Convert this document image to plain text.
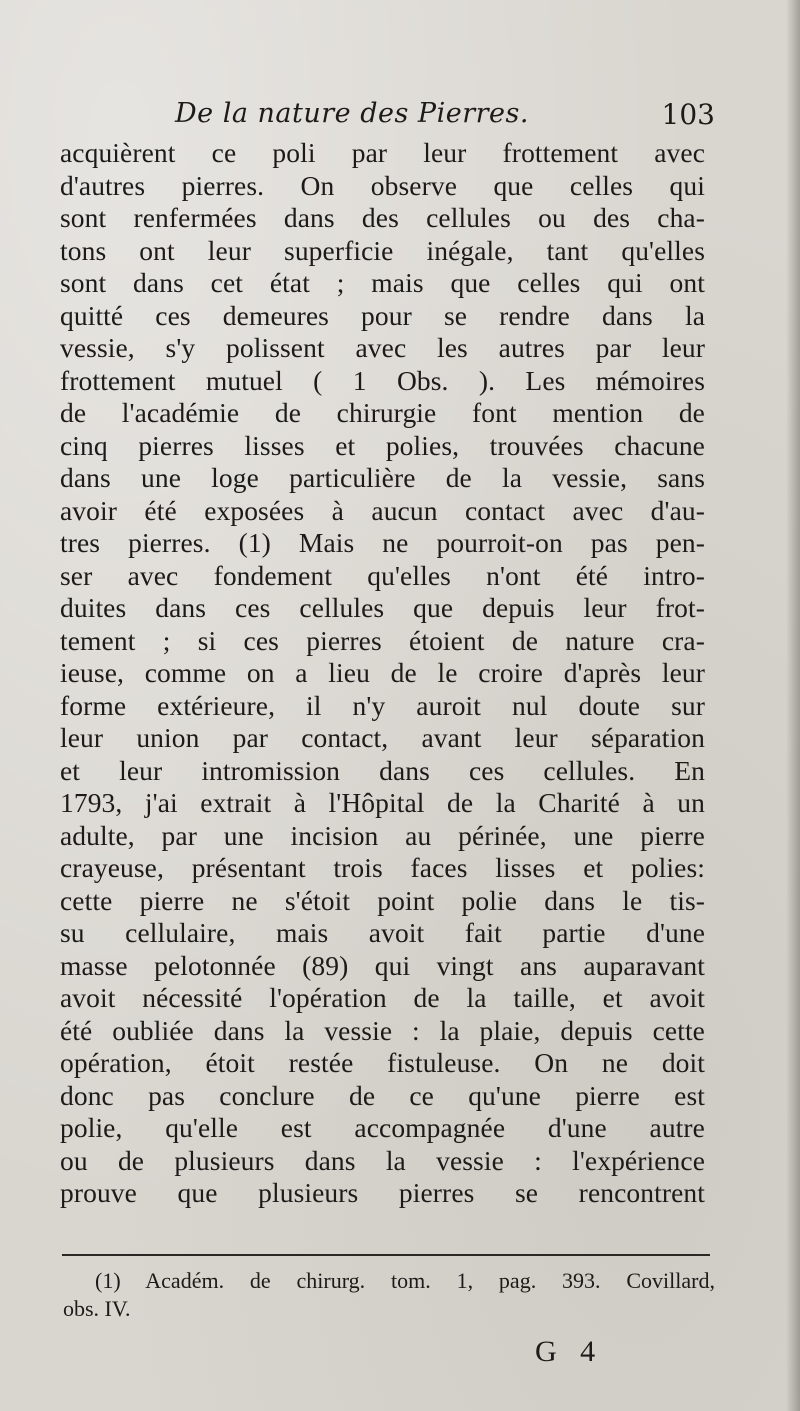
De la nature des Pierres.	103
acquièrent ce poli par leur frottement avec
d'autres pierres. On observe que celles qui
sont renfermées dans des cellules ou des cha-
tons ont leur superficie inégale, tant qu'elles
sont dans cet état ; mais que celles qui ont
quitté ces demeures pour se rendre dans la
vessie, s'y polissent avec les autres par leur
frottement mutuel ( 1 Obs. ). Les mémoires
de l'académie de chirurgie font mention de
cinq pierres lisses et polies, trouvées chacune
dans une loge particulière de la vessie, sans
avoir été exposées à aucun contact avec d'au-
tres pierres. (1) Mais ne pourroit-on pas pen-
ser avec fondement qu'elles n'ont été intro-
duites dans ces cellules que depuis leur frot-
tement ; si ces pierres étoient de nature cra-
ieuse, comme on a lieu de le croire d'après leur
forme extérieure, il n'y auroit nul doute sur
leur union par contact, avant leur séparation
et leur intromission dans ces cellules. En
1793, j'ai extrait à l'Hôpital de la Charité à un
adulte, par une incision au périnée, une pierre
crayeuse, présentant trois faces lisses et polies:
cette pierre ne s'étoit point polie dans le tis-
su cellulaire, mais avoit fait partie d'une
masse pelotonnée (89) qui vingt ans auparavant
avoit nécessité l'opération de la taille, et avoit
été oubliée dans la vessie : la plaie, depuis cette
opération, étoit restée fistuleuse. On ne doit
donc pas conclure de ce qu'une pierre est
polie, qu'elle est accompagnée d'une autre
ou de plusieurs dans la vessie : l'expérience
prouve que plusieurs pierres se rencontrent
(1) Académ. de chirurg. tom. 1, pag. 393. Covillard,
obs. IV.
G 4
